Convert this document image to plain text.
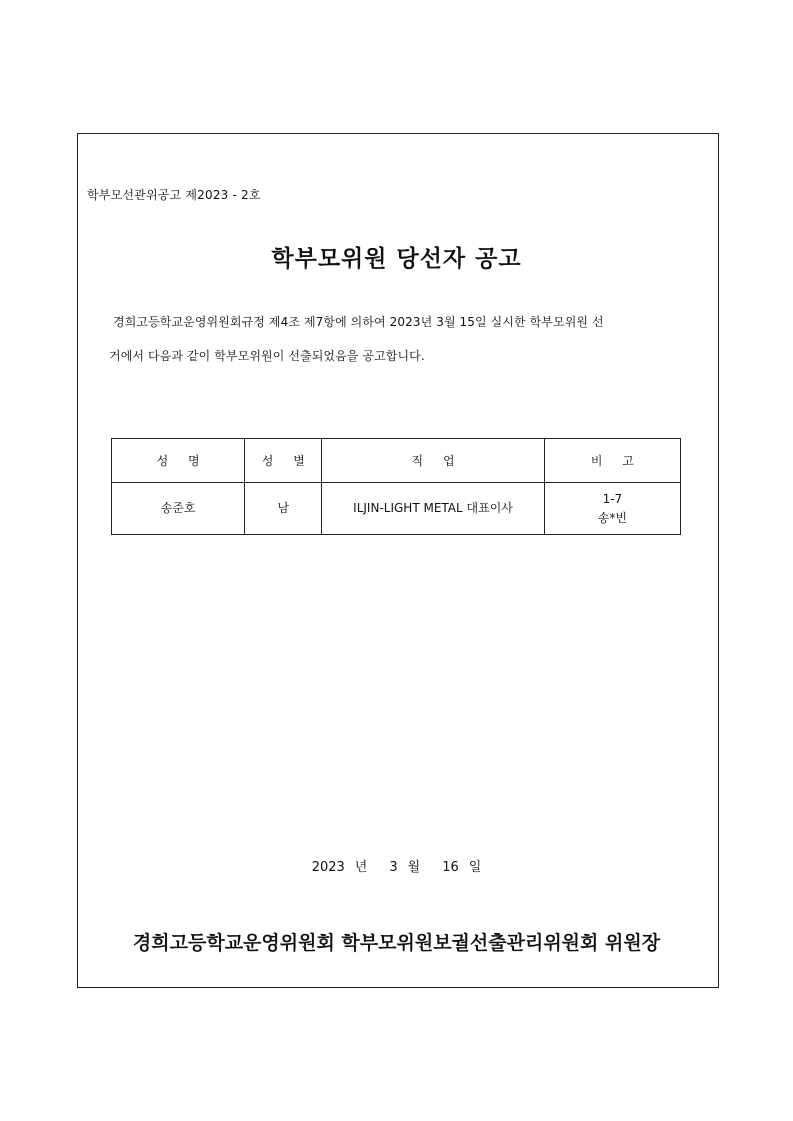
학부모선관위공고 제2023 - 2호
학부모위원 당선자 공고
경희고등학교운영위원회규정 제4조 제7항에 의하여 2023년 3월 15일 실시한 학부모위원 선
거에서 다음과 같이 학부모위원이 선출되었음을 공고합니다.
성 명	성 별	직 업	비 고
송준호	남	ILJIN-LIGHT METAL 대표이사	1-7
송*빈
2023 년 3 월 16 일
경희고등학교운영위원회 학부모위원보궐선출관리위원회 위원장
